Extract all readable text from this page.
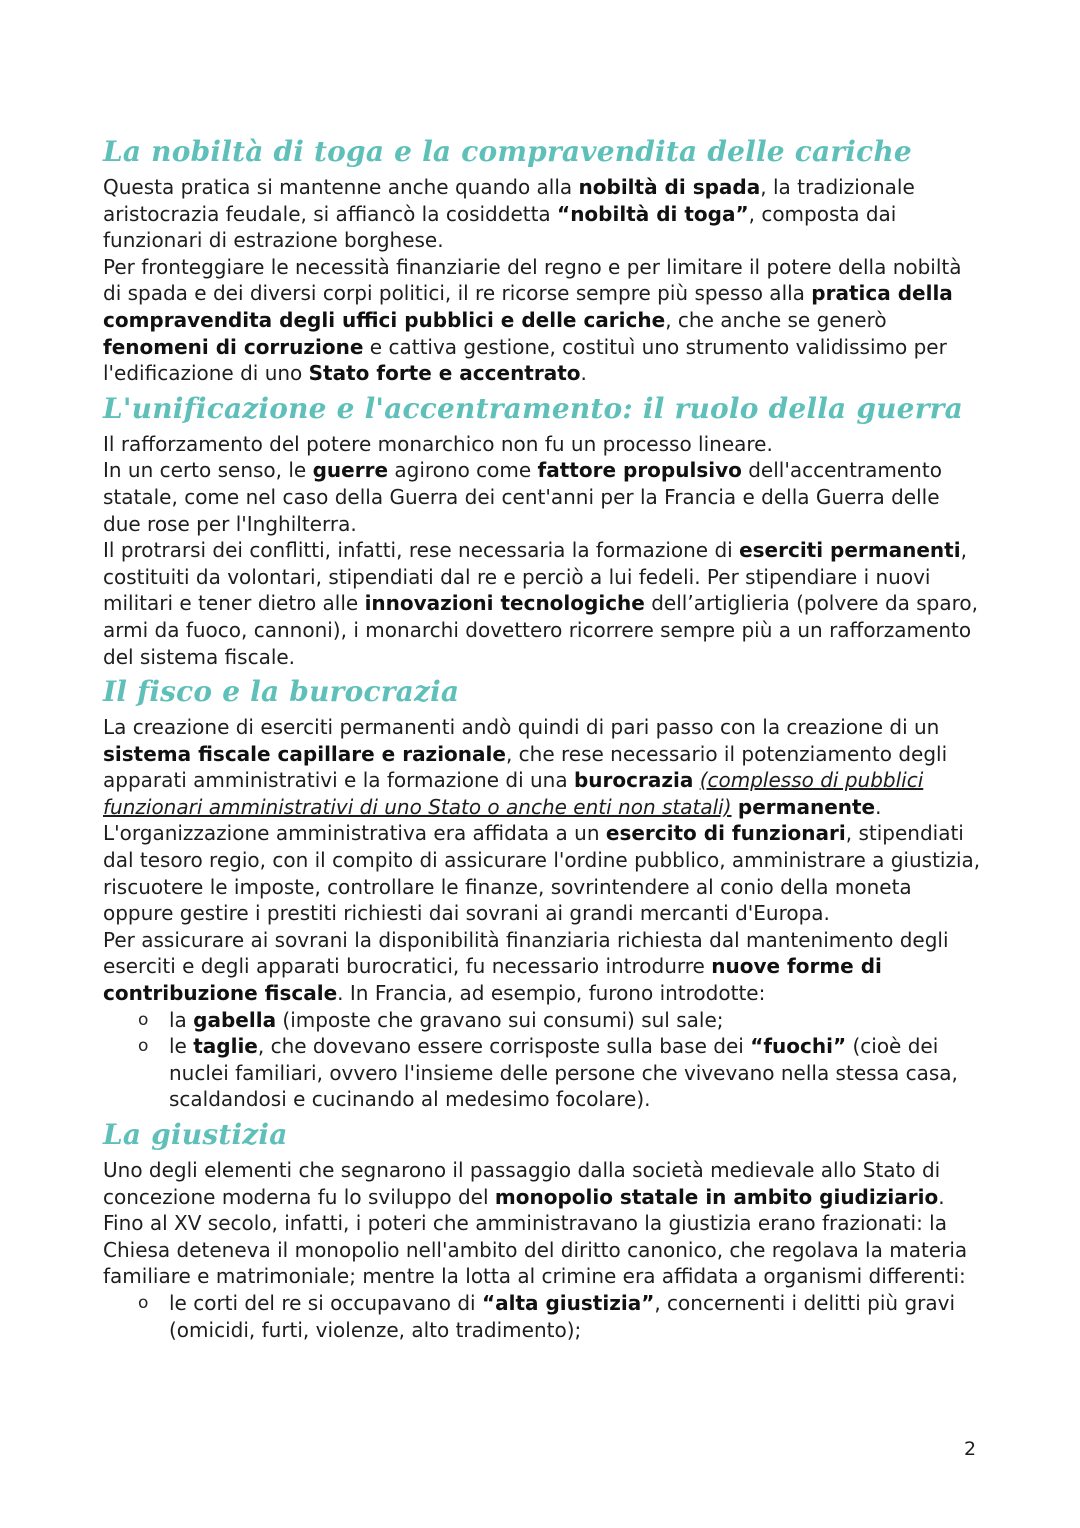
La nobiltà di toga e la compravendita delle cariche

Questa pratica si mantenne anche quando alla nobiltà di spada, la tradizionale aristocrazia feudale, si affiancò la cosiddetta “nobiltà di toga”, composta dai funzionari di estrazione borghese.

Per fronteggiare le necessità finanziarie del regno e per limitare il potere della nobiltà di spada e dei diversi corpi politici, il re ricorse sempre più spesso alla pratica della compravendita degli uffici pubblici e delle cariche, che anche se generò fenomeni di corruzione e cattiva gestione, costituì uno strumento validissimo per l'edificazione di uno Stato forte e accentrato.

L'unificazione e l'accentramento: il ruolo della guerra

Il rafforzamento del potere monarchico non fu un processo lineare.

In un certo senso, le guerre agirono come fattore propulsivo dell'accentramento statale, come nel caso della Guerra dei cent'anni per la Francia e della Guerra delle due rose per l'Inghilterra.

Il protrarsi dei conflitti, infatti, rese necessaria la formazione di eserciti permanenti, costituiti da volontari, stipendiati dal re e perciò a lui fedeli. Per stipendiare i nuovi militari e tener dietro alle innovazioni tecnologiche dell’artiglieria (polvere da sparo, armi da fuoco, cannoni), i monarchi dovettero ricorrere sempre più a un rafforzamento del sistema fiscale.

Il fisco e la burocrazia

La creazione di eserciti permanenti andò quindi di pari passo con la creazione di un sistema fiscale capillare e razionale, che rese necessario il potenziamento degli apparati amministrativi e la formazione di una burocrazia (complesso di pubblici funzionari amministrativi di uno Stato o anche enti non statali) permanente.

L'organizzazione amministrativa era affidata a un esercito di funzionari, stipendiati dal tesoro regio, con il compito di assicurare l'ordine pubblico, amministrare a giustizia, riscuotere le imposte, controllare le finanze, sovrintendere al conio della moneta oppure gestire i prestiti richiesti dai sovrani ai grandi mercanti d'Europa.

Per assicurare ai sovrani la disponibilità finanziaria richiesta dal mantenimento degli eserciti e degli apparati burocratici, fu necessario introdurre nuove forme di contribuzione fiscale. In Francia, ad esempio, furono introdotte:

o la gabella (imposte che gravano sui consumi) sul sale;
o le taglie, che dovevano essere corrisposte sulla base dei “fuochi” (cioè dei nuclei familiari, ovvero l'insieme delle persone che vivevano nella stessa casa, scaldandosi e cucinando al medesimo focolare).
La giustizia

Uno degli elementi che segnarono il passaggio dalla società medievale allo Stato di concezione moderna fu lo sviluppo del monopolio statale in ambito giudiziario.

Fino al XV secolo, infatti, i poteri che amministravano la giustizia erano frazionati: la Chiesa deteneva il monopolio nell'ambito del diritto canonico, che regolava la materia familiare e matrimoniale; mentre la lotta al crimine era affidata a organismi differenti:

o le corti del re si occupavano di “alta giustizia”, concernenti i delitti più gravi (omicidi, furti, violenze, alto tradimento);
2
